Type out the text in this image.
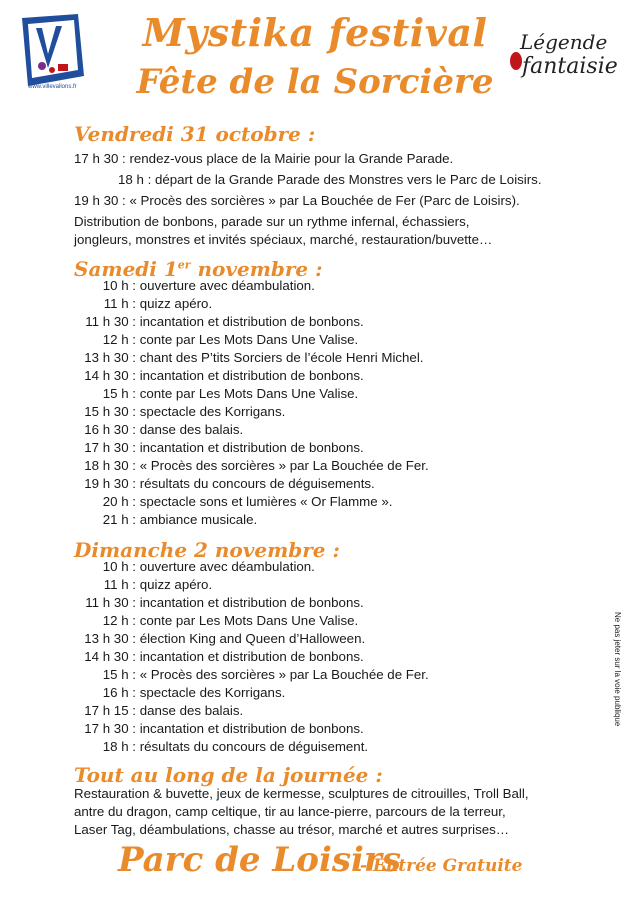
www.villevallons.fr
Mystika festival
Fête de la Sorcière
Légende
fantaisie
Vendredi 31 octobre :
17 h 30 : rendez-vous place de la Mairie pour la Grande Parade.
18 h : départ de la Grande Parade des Monstres vers le Parc de Loisirs.
19 h 30 : « Procès des sorcières » par La Bouchée de Fer (Parc de Loisirs).
Distribution de bonbons, parade sur un rythme infernal, échassiers,
jongleurs, monstres et invités spéciaux, marché, restauration/buvette…
Samedi 1er novembre :
10 h : ouverture avec déambulation.
11 h : quizz apéro.
11 h 30 : incantation et distribution de bonbons.
12 h : conte par Les Mots Dans Une Valise.
13 h 30 : chant des P’tits Sorciers de l’école Henri Michel.
14 h 30 : incantation et distribution de bonbons.
15 h : conte par Les Mots Dans Une Valise.
15 h 30 : spectacle des Korrigans.
16 h 30 : danse des balais.
17 h 30 : incantation et distribution de bonbons.
18 h 30 : « Procès des sorcières » par La Bouchée de Fer.
19 h 30 : résultats du concours de déguisements.
20 h : spectacle sons et lumières « Or Flamme ».
21 h : ambiance musicale.
Dimanche 2 novembre :
10 h : ouverture avec déambulation.
11 h : quizz apéro.
11 h 30 : incantation et distribution de bonbons.
12 h : conte par Les Mots Dans Une Valise.
13 h 30 : élection King and Queen d’Halloween.
14 h 30 : incantation et distribution de bonbons.
15 h : « Procès des sorcières » par La Bouchée de Fer.
16 h : spectacle des Korrigans.
17 h 15 : danse des balais.
17 h 30 : incantation et distribution de bonbons.
18 h : résultats du concours de déguisement.
Tout au long de la journée :
Restauration & buvette, jeux de kermesse, sculptures de citrouilles, Troll Ball,
antre du dragon, camp celtique, tir au lance-pierre, parcours de la terreur,
Laser Tag, déambulations, chasse au trésor, marché et autres surprises…
Ne pas jeter sur la voie publique
Parc de Loisirs
- Entrée Gratuite
